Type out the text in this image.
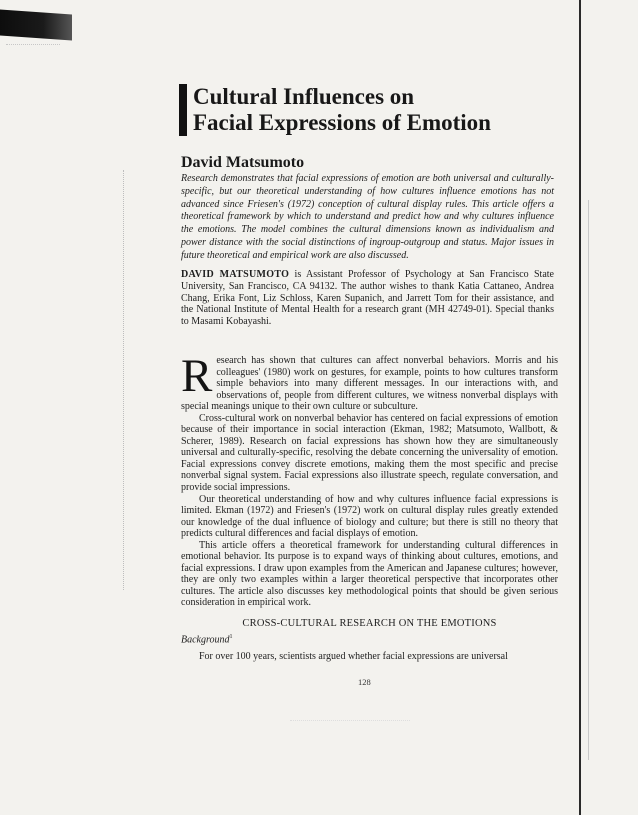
Cultural Influences on
Facial Expressions of Emotion
David Matsumoto
Research demonstrates that facial expressions of emotion are both universal and culturally-specific, but our theoretical understanding of how cultures influence emotions has not advanced since Friesen's (1972) conception of cultural display rules. This article offers a theoretical framework by which to understand and predict how and why cultures influence the emotions. The model combines the cultural dimensions known as individualism and power distance with the social distinctions of ingroup-outgroup and status. Major issues in future theoretical and empirical work are also discussed.
DAVID MATSUMOTO is Assistant Professor of Psychology at San Francisco State University, San Francisco, CA 94132. The author wishes to thank Katia Cattaneo, Andrea Chang, Erika Font, Liz Schloss, Karen Supanich, and Jarrett Tom for their assistance, and the National Institute of Mental Health for a research grant (MH 42749-01). Special thanks to Masami Kobayashi.

Research has shown that cultures can affect nonverbal behaviors. Morris and his colleagues' (1980) work on gestures, for example, points to how cultures transform simple behaviors into many different messages. In our interactions with, and observations of, people from different cultures, we witness nonverbal displays with special meanings unique to their own culture or subculture.

Cross-cultural work on nonverbal behavior has centered on facial expressions of emotion because of their importance in social interaction (Ekman, 1982; Matsumoto, Wallbott, & Scherer, 1989). Research on facial expressions has shown how they are simultaneously universal and culturally-specific, resolving the debate concerning the universality of emotion. Facial expressions convey discrete emotions, making them the most specific and precise nonverbal signal system. Facial expressions also illustrate speech, regulate conversation, and provide social impressions.

Our theoretical understanding of how and why cultures influence facial expressions is limited. Ekman (1972) and Friesen's (1972) work on cultural display rules greatly extended our knowledge of the dual influence of biology and culture; but there is still no theory that predicts cultural differences and facial displays of emotion.

This article offers a theoretical framework for understanding cultural differences in emotional behavior. Its purpose is to expand ways of thinking about cultures, emotions, and facial expressions. I draw upon examples from the American and Japanese cultures; however, they are only two examples within a larger theoretical perspective that incorporates other cultures. The article also discusses key methodological points that should be given serious consideration in empirical work.

CROSS-CULTURAL RESEARCH ON THE EMOTIONS
Background$^1$
For over 100 years, scientists argued whether facial expressions are universal
128
